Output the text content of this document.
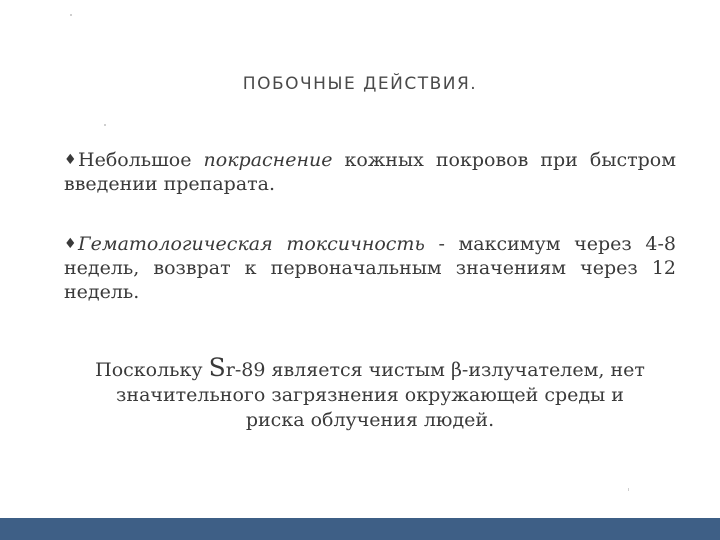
ПОБОЧНЫЕ ДЕЙСТВИЯ.
♦Небольшое покраснение кожных покровов при быстром введении препарата.
♦Гематологическая токсичность - максимум через 4-8 недель, возврат к первоначальным значениям через 12 недель.
Поскольку Sr-89 является чистым β-излучателем, нет
значительного загрязнения окружающей среды и
риска облучения людей.
